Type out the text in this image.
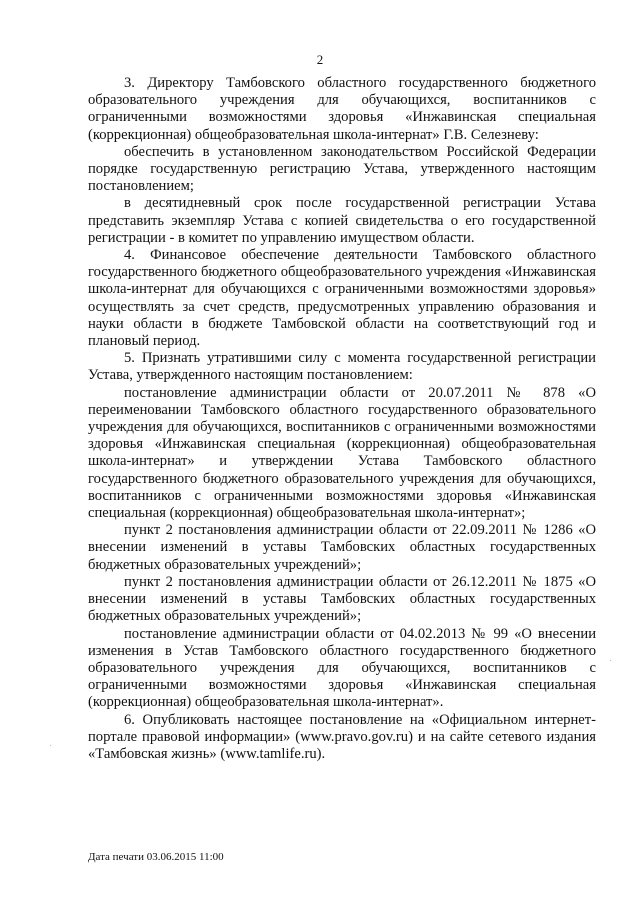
2

3. Директору Тамбовского областного государственного бюджетного образовательного учреждения для обучающихся, воспитанников с ограниченными возможностями здоровья «Инжавинская специальная (коррекционная) общеобразовательная школа-интернат» Г.В. Селезневу:

обеспечить в установленном законодательством Российской Федерации порядке государственную регистрацию Устава, утвержденного настоящим постановлением;

в десятидневный срок после государственной регистрации Устава представить экземпляр Устава с копией свидетельства о его государственной регистрации - в комитет по управлению имуществом области.

4. Финансовое обеспечение деятельности Тамбовского областного государственного бюджетного общеобразовательного учреждения «Инжавинская школа-интернат для обучающихся с ограниченными возможностями здоровья» осуществлять за счет средств, предусмотренных управлению образования и науки области в бюджете Тамбовской области на соответствующий год и плановый период.

5. Признать утратившими силу с момента государственной регистрации Устава, утвержденного настоящим постановлением:

постановление администрации области от 20.07.2011 № 878 «О переименовании Тамбовского областного государственного образовательного учреждения для обучающихся, воспитанников с ограниченными возможностями здоровья «Инжавинская специальная (коррекционная) общеобразовательная школа-интернат» и утверждении Устава Тамбовского областного государственного бюджетного образовательного учреждения для обучающихся, воспитанников с ограниченными возможностями здоровья «Инжавинская специальная (коррекционная) общеобразовательная школа-интернат»;

пункт 2 постановления администрации области от 22.09.2011 № 1286 «О внесении изменений в уставы Тамбовских областных государственных бюджетных образовательных учреждений»;

пункт 2 постановления администрации области от 26.12.2011 № 1875 «О внесении изменений в уставы Тамбовских областных государственных бюджетных образовательных учреждений»;

постановление администрации области от 04.02.2013 № 99 «О внесении изменения в Устав Тамбовского областного государственного бюджетного образовательного учреждения для обучающихся, воспитанников с ограниченными возможностями здоровья «Инжавинская специальная (коррекционная) общеобразовательная школа-интернат».

6. Опубликовать настоящее постановление на «Официальном интернет-портале правовой информации» (www.pravo.gov.ru) и на сайте сетевого издания «Тамбовская жизнь» (www.tamlife.ru).

Дата печати 03.06.2015 11:00
